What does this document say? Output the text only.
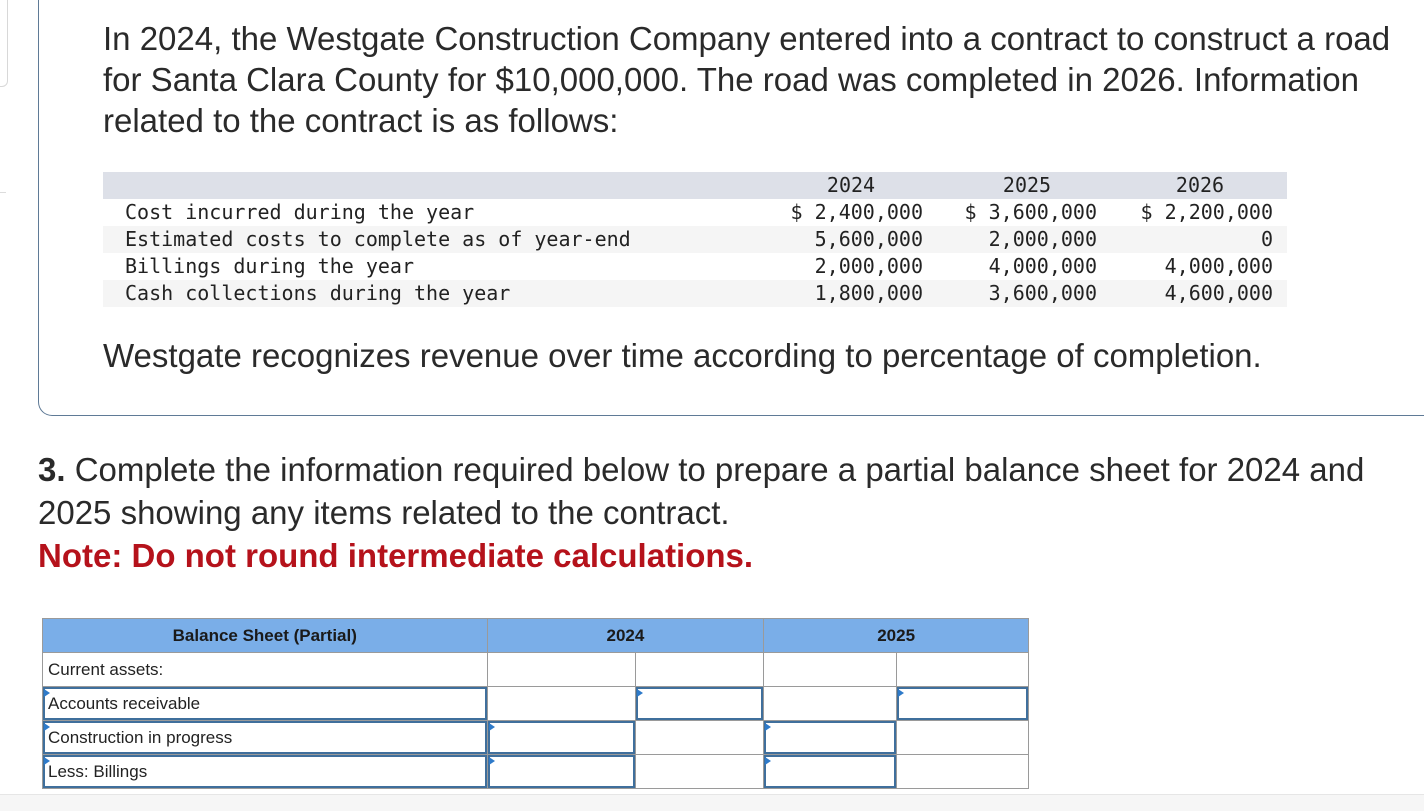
In 2024, the Westgate Construction Company entered into a contract to construct a road for Santa Clara County for $10,000,000. The road was completed in 2026. Information related to the contract is as follows:
2024	2025	2026
Cost incurred during the year	$ 2,400,000	$ 3,600,000	$ 2,200,000
Estimated costs to complete as of year-end	5,600,000	2,000,000	0
Billings during the year	2,000,000	4,000,000	4,000,000
Cash collections during the year	1,800,000	3,600,000	4,600,000
Westgate recognizes revenue over time according to percentage of completion.
3. Complete the information required below to prepare a partial balance sheet for 2024 and 2025 showing any items related to the contract.
Note: Do not round intermediate calculations.
Balance Sheet (Partial)	2024		2025	
Current assets:				

Accounts receivable		

Construction in progress	

Less: Billings	
